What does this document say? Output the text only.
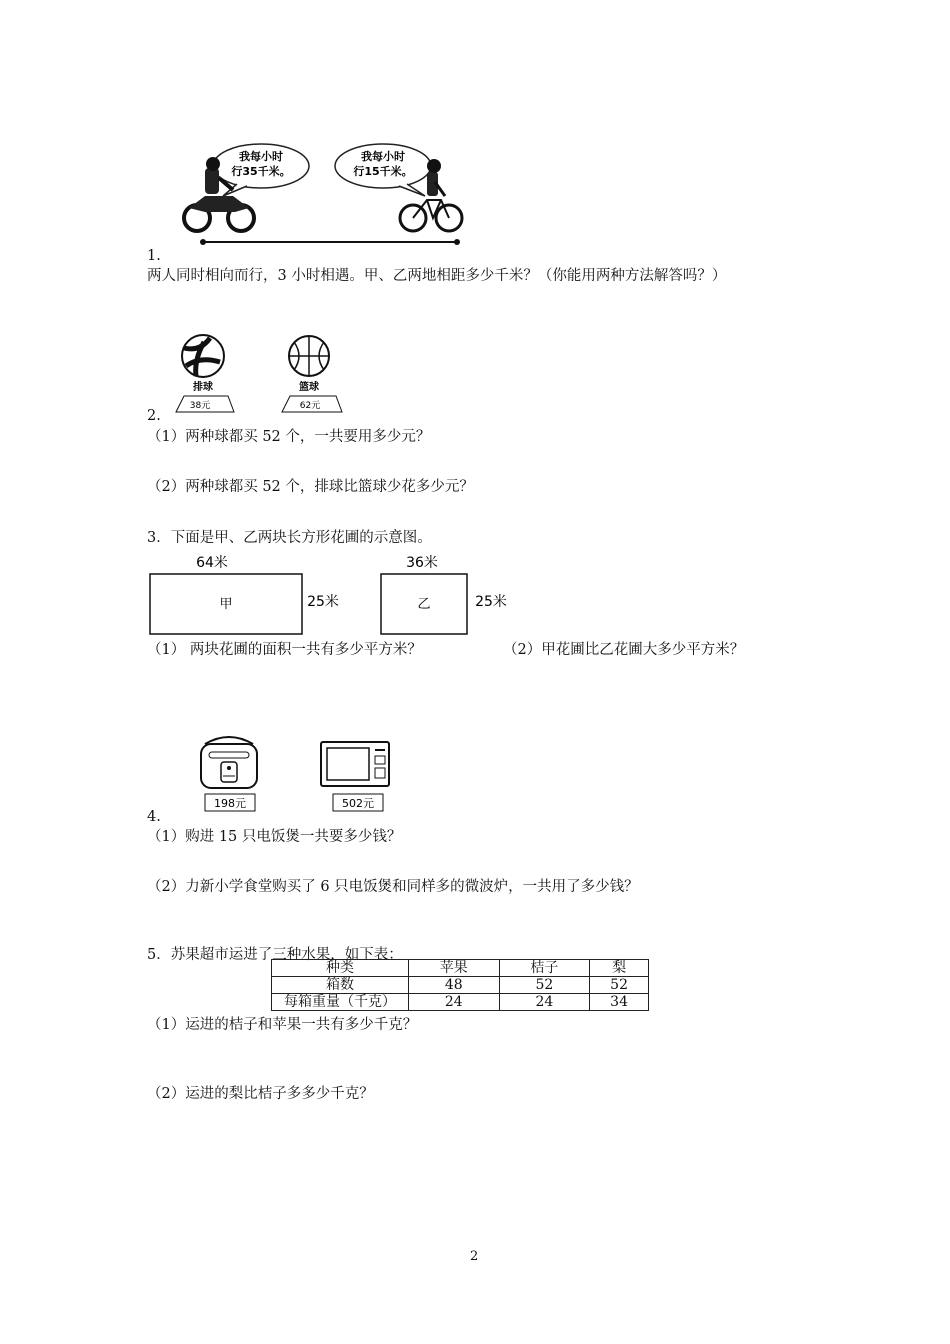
我每小时
行35千米。
我每小时
行15千米。
1.
两人同时相向而行，3 小时相遇。甲、乙两地相距多少千米？（你能用两种方法解答吗？）
排球
38元
篮球
62元
2.
（1）两种球都买 52 个，一共要用多少元？
（2）两种球都买 52 个，排球比篮球少花多少元？
3．下面是甲、乙两块长方形花圃的示意图。
64米
甲	25米
36米
乙	25米
（1） 两块花圃的面积一共有多少平方米？	（2）甲花圃比乙花圃大多少平方米？
198元	502元
4.
（1）购进 15 只电饭煲一共要多少钱？
（2）力新小学食堂购买了 6 只电饭煲和同样多的微波炉，一共用了多少钱？
5．苏果超市运进了三种水果，如下表：
种类	苹果	桔子	梨
箱数	48	52	52
每箱重量（千克）	24	24	34
（1）运进的桔子和苹果一共有多少千克？
（2）运进的梨比桔子多多少千克？
2
